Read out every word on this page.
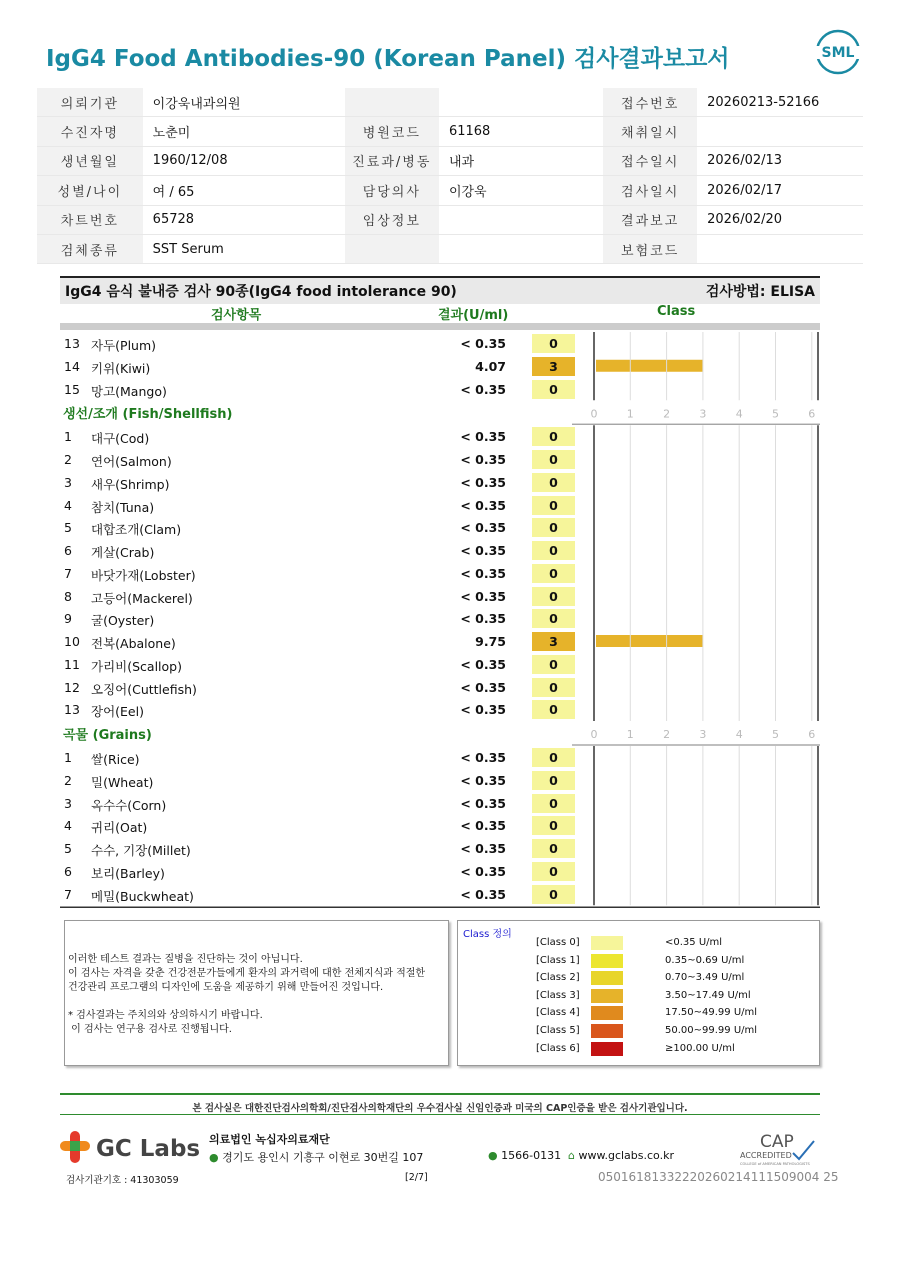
IgG4 Food Antibodies-90 (Korean Panel) 검사결과보고서	SML
의뢰기관	이강욱내과의원			접수번호	20260213-52166
수진자명	노춘미	병원코드	61168	채취일시	
생년월일	1960/12/08	진료과/병동	내과	접수일시	2026/02/13
성별/나이	여 / 65	담당의사	이강욱	검사일시	2026/02/17
차트번호	65728	임상정보		결과보고	2026/02/20
검체종류	SST Serum			보험코드	
IgG4 음식 불내증 검사 90종(IgG4 food intolerance 90)	검사방법: ELISA
검사항목	결과(U/ml)	Class
13 자두(Plum)	< 0.35	0
14 키위(Kiwi)	4.07	3
15 망고(Mango)	< 0.35	0
생선/조개 (Fish/Shellfish)
1 대구(Cod)	< 0.35	0
2 연어(Salmon)	< 0.35	0
3 새우(Shrimp)	< 0.35	0
4 참치(Tuna)	< 0.35	0
5 대합조개(Clam)	< 0.35	0
6 게살(Crab)	< 0.35	0
7 바닷가재(Lobster)	< 0.35	0
8 고등어(Mackerel)	< 0.35	0
9 굴(Oyster)	< 0.35	0
10 전복(Abalone)	9.75	3
11 가리비(Scallop)	< 0.35	0
12 오징어(Cuttlefish)	< 0.35	0
13 장어(Eel)	< 0.35	0
곡물 (Grains)
1 쌀(Rice)	< 0.35	0
2 밀(Wheat)	< 0.35	0
3 옥수수(Corn)	< 0.35	0
4 귀리(Oat)	< 0.35	0
5 수수, 기장(Millet)	< 0.35	0
6 보리(Barley)	< 0.35	0
7 메밀(Buckwheat)	< 0.35	0
0	1	2	3	4	5	6
0	1	2	3	4	5	6
이러한 테스트 결과는 질병을 진단하는 것이 아닙니다.
이 검사는 자격을 갖춘 건강전문가들에게 환자의 과거력에 대한 전체지식과 적절한
건강관리 프로그램의 디자인에 도움을 제공하기 위해 만들어진 것입니다.
* 검사결과는 주치의와 상의하시기 바랍니다.
이 검사는 연구용 검사로 진행됩니다.
Class 정의
[Class 0]	<0.35 U/ml
[Class 1]	0.35~0.69 U/ml
[Class 2]	0.70~3.49 U/ml
[Class 3]	3.50~17.49 U/ml
[Class 4]	17.50~49.99 U/ml
[Class 5]	50.00~99.99 U/ml
[Class 6]	≥100.00 U/ml
본 검사실은 대한진단검사의학회/진단검사의학재단의 우수검사실 신임인증과 미국의 CAP인증을 받은 검사기관입니다.
GC Labs 의료법인 녹십자의료재단
● 경기도 용인시 기흥구 이현로 30번길 107	● 1566-0131 ⌂ www.gclabs.co.kr
CAP
ACCREDITED
COLLEGE of AMERICAN PATHOLOGISTS
검사기관기호 : 41303059	[2/7]	05016181332220260214111509004 25
